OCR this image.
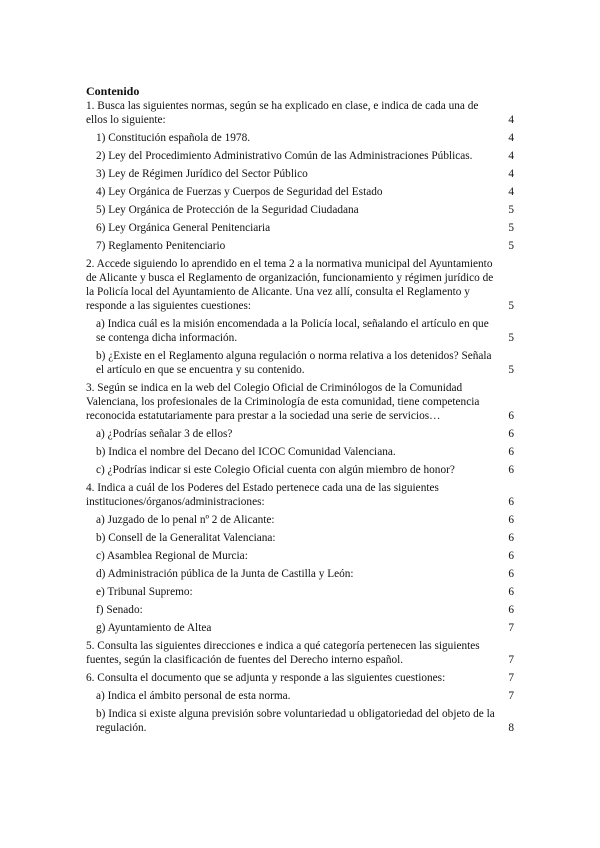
Contenido
1. Busca las siguientes normas, según se ha explicado en clase, e indica de cada una de ellos lo siguiente:	4
1) Constitución española de 1978.	4
2) Ley del Procedimiento Administrativo Común de las Administraciones Públicas.	4
3) Ley de Régimen Jurídico del Sector Público	4
4) Ley Orgánica de Fuerzas y Cuerpos de Seguridad del Estado	4
5) Ley Orgánica de Protección de la Seguridad Ciudadana	5
6) Ley Orgánica General Penitenciaria	5
7) Reglamento Penitenciario	5
2. Accede siguiendo lo aprendido en el tema 2 a la normativa municipal del Ayuntamiento de Alicante y busca el Reglamento de organización, funcionamiento y régimen jurídico de la Policía local del Ayuntamiento de Alicante. Una vez allí, consulta el Reglamento y responde a las siguientes cuestiones:	5
a) Indica cuál es la misión encomendada a la Policía local, señalando el artículo en que se contenga dicha información.	5
b) ¿Existe en el Reglamento alguna regulación o norma relativa a los detenidos? Señala el artículo en que se encuentra y su contenido.	5
3. Según se indica en la web del Colegio Oficial de Criminólogos de la Comunidad Valenciana, los profesionales de la Criminología de esta comunidad, tiene competencia reconocida estatutariamente para prestar a la sociedad una serie de servicios…	6
a) ¿Podrías señalar 3 de ellos?	6
b) Indica el nombre del Decano del ICOC Comunidad Valenciana.	6
c) ¿Podrías indicar si este Colegio Oficial cuenta con algún miembro de honor?	6
4. Indica a cuál de los Poderes del Estado pertenece cada una de las siguientes instituciones/órganos/administraciones:	6
a) Juzgado de lo penal nº 2 de Alicante:	6
b) Consell de la Generalitat Valenciana:	6
c) Asamblea Regional de Murcia:	6
d) Administración pública de la Junta de Castilla y León:	6
e) Tribunal Supremo:	6
f) Senado:	6
g) Ayuntamiento de Altea	7
5. Consulta las siguientes direcciones e indica a qué categoría pertenecen las siguientes fuentes, según la clasificación de fuentes del Derecho interno español.	7
6. Consulta el documento que se adjunta y responde a las siguientes cuestiones:	7
a) Indica el ámbito personal de esta norma.	7
b) Indica si existe alguna previsión sobre voluntariedad u obligatoriedad del objeto de la regulación.	8
